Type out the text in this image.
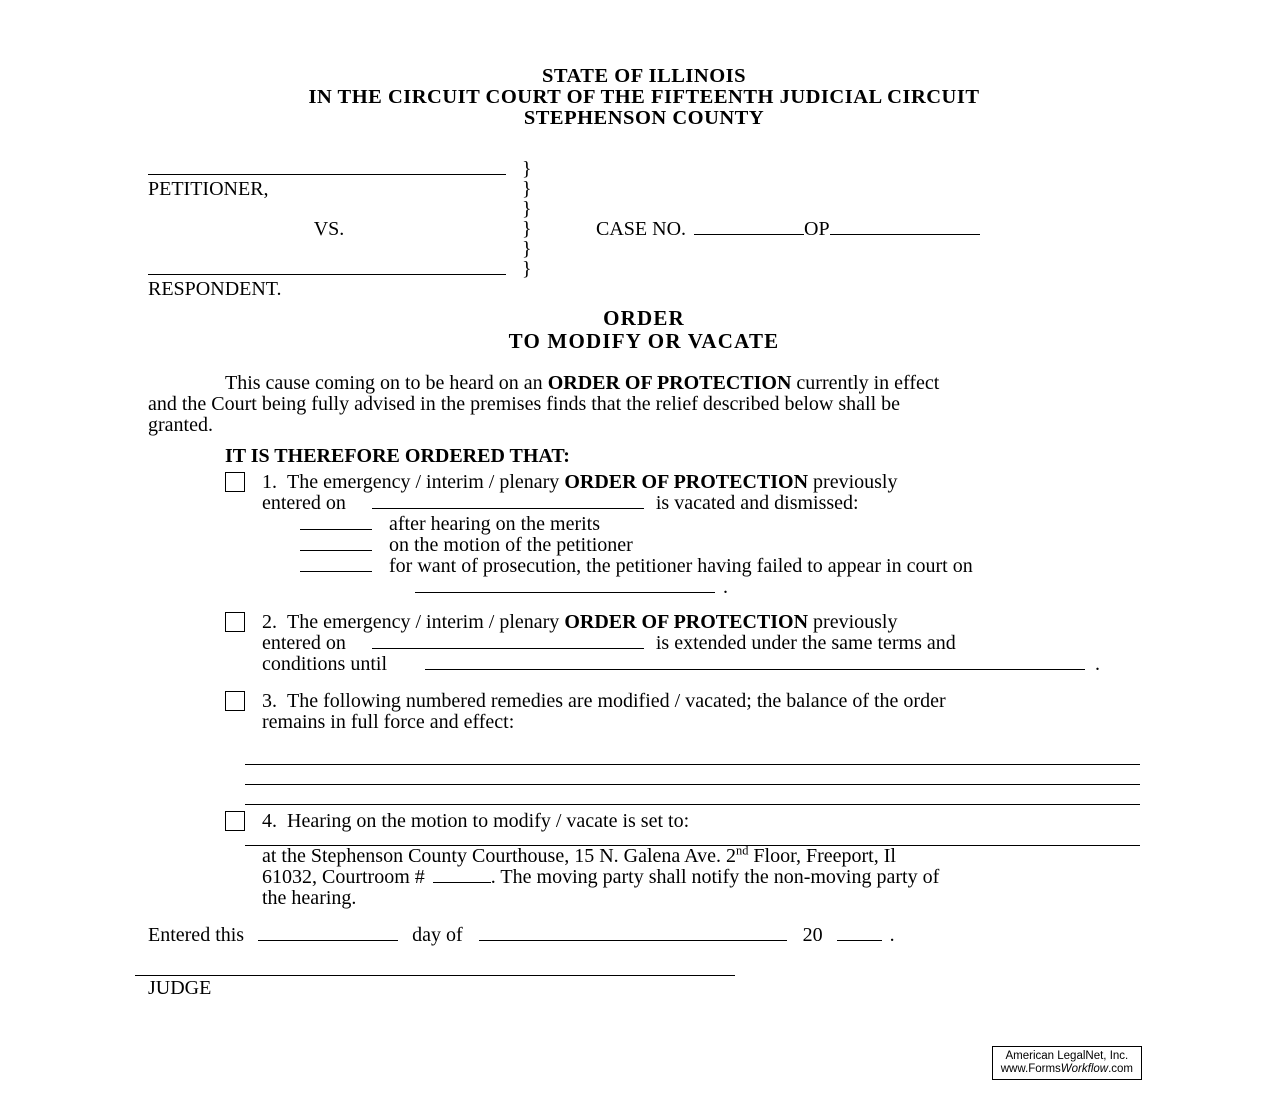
STATE OF ILLINOIS
IN THE CIRCUIT COURT OF THE FIFTEENTH JUDICIAL CIRCUIT
STEPHENSON COUNTY
PETITIONER,
VS.
RESPONDENT.
}
}
}
}
}
}
CASE NO.	OP
ORDER
TO MODIFY OR VACATE
This cause coming on to be heard on an ORDER OF PROTECTION currently in effect
and the Court being fully advised in the premises finds that the relief described below shall be
granted.
IT IS THEREFORE ORDERED THAT:
1. The emergency / interim / plenary ORDER OF PROTECTION previously
entered on	is vacated and dismissed:
after hearing on the merits
on the motion of the petitioner
for want of prosecution, the petitioner having failed to appear in court on
.
2. The emergency / interim / plenary ORDER OF PROTECTION previously
entered on	is extended under the same terms and
conditions until	.
3. The following numbered remedies are modified / vacated; the balance of the order
remains in full force and effect:
4. Hearing on the motion to modify / vacate is set to:
at the Stephenson County Courthouse, 15 N. Galena Ave. 2nd Floor, Freeport, Il
61032, Courtroom #	. The moving party shall notify the non-moving party of
the hearing.
Entered this	day of	20	.
JUDGE
American LegalNet, Inc.
www.FormsWorkflow.com
